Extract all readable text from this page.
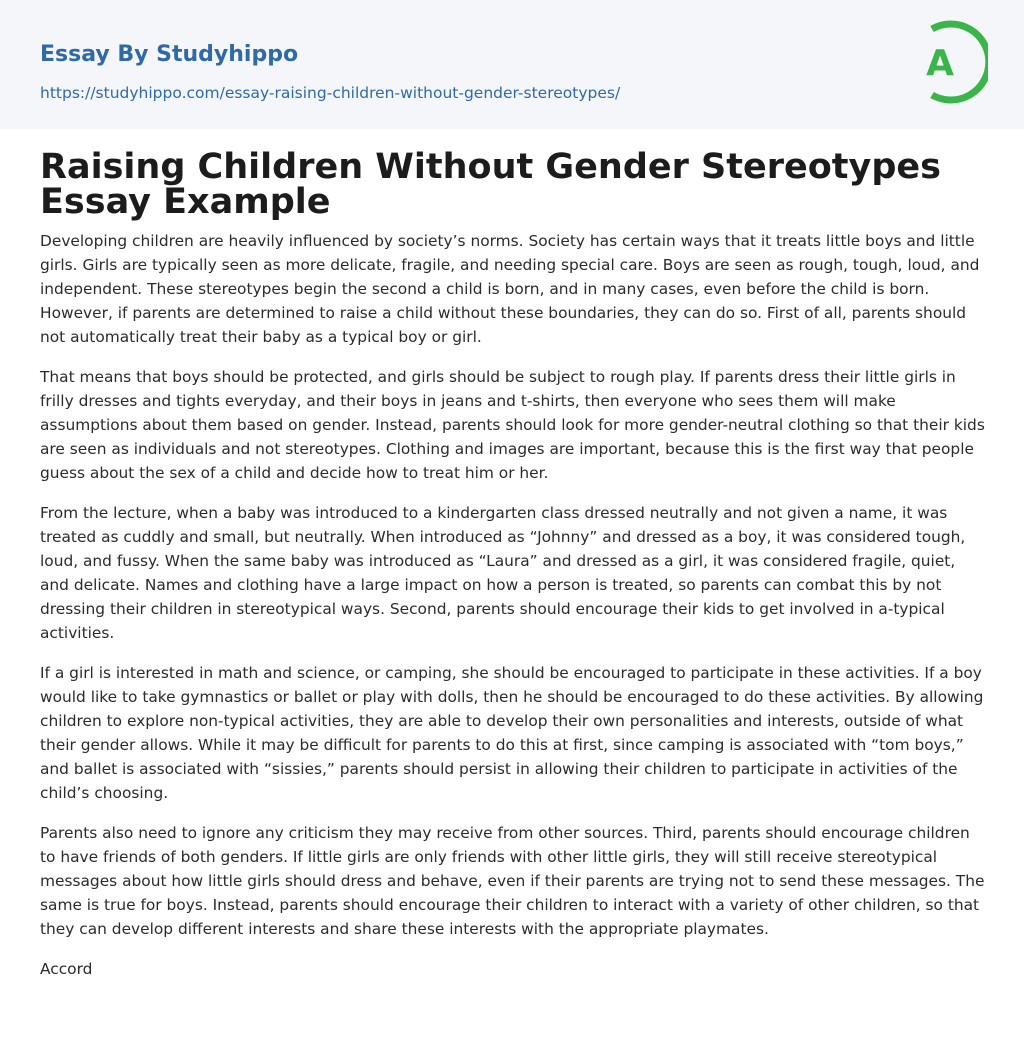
Essay By Studyhippo
https://studyhippo.com/essay-raising-children-without-gender-stereotypes/
A
Raising Children Without Gender Stereotypes
Essay Example

Developing children are heavily influenced by society’s norms. Society has certain ways that it treats little boys and little girls. Girls are typically seen as more delicate, fragile, and needing special care. Boys are seen as rough, tough, loud, and independent. These stereotypes begin the second a child is born, and in many cases, even before the child is born. However, if parents are determined to raise a child without these boundaries, they can do so. First of all, parents should not automatically treat their baby as a typical boy or girl.

That means that boys should be protected, and girls should be subject to rough play. If parents dress their little girls in frilly dresses and tights everyday, and their boys in jeans and t-shirts, then everyone who sees them will make assumptions about them based on gender. Instead, parents should look for more gender-neutral clothing so that their kids are seen as individuals and not stereotypes. Clothing and images are important, because this is the first way that people guess about the sex of a child and decide how to treat him or her.

From the lecture, when a baby was introduced to a kindergarten class dressed neutrally and not given a name, it was treated as cuddly and small, but neutrally. When introduced as “Johnny” and dressed as a boy, it was considered tough, loud, and fussy. When the same baby was introduced as “Laura” and dressed as a girl, it was considered fragile, quiet, and delicate. Names and clothing have a large impact on how a person is treated, so parents can combat this by not dressing their children in stereotypical ways. Second, parents should encourage their kids to get involved in a-typical activities.

If a girl is interested in math and science, or camping, she should be encouraged to participate in these activities. If a boy would like to take gymnastics or ballet or play with dolls, then he should be encouraged to do these activities. By allowing children to explore non-typical activities, they are able to develop their own personalities and interests, outside of what their gender allows. While it may be difficult for parents to do this at first, since camping is associated with “tom boys,” and ballet is associated with “sissies,” parents should persist in allowing their children to participate in activities of the child’s choosing.

Parents also need to ignore any criticism they may receive from other sources. Third, parents should encourage children to have friends of both genders. If little girls are only friends with other little girls, they will still receive stereotypical messages about how little girls should dress and behave, even if their parents are trying not to send these messages. The same is true for boys. Instead, parents should encourage their children to interact with a variety of other children, so that they can develop different interests and share these interests with the appropriate playmates.

Accord
